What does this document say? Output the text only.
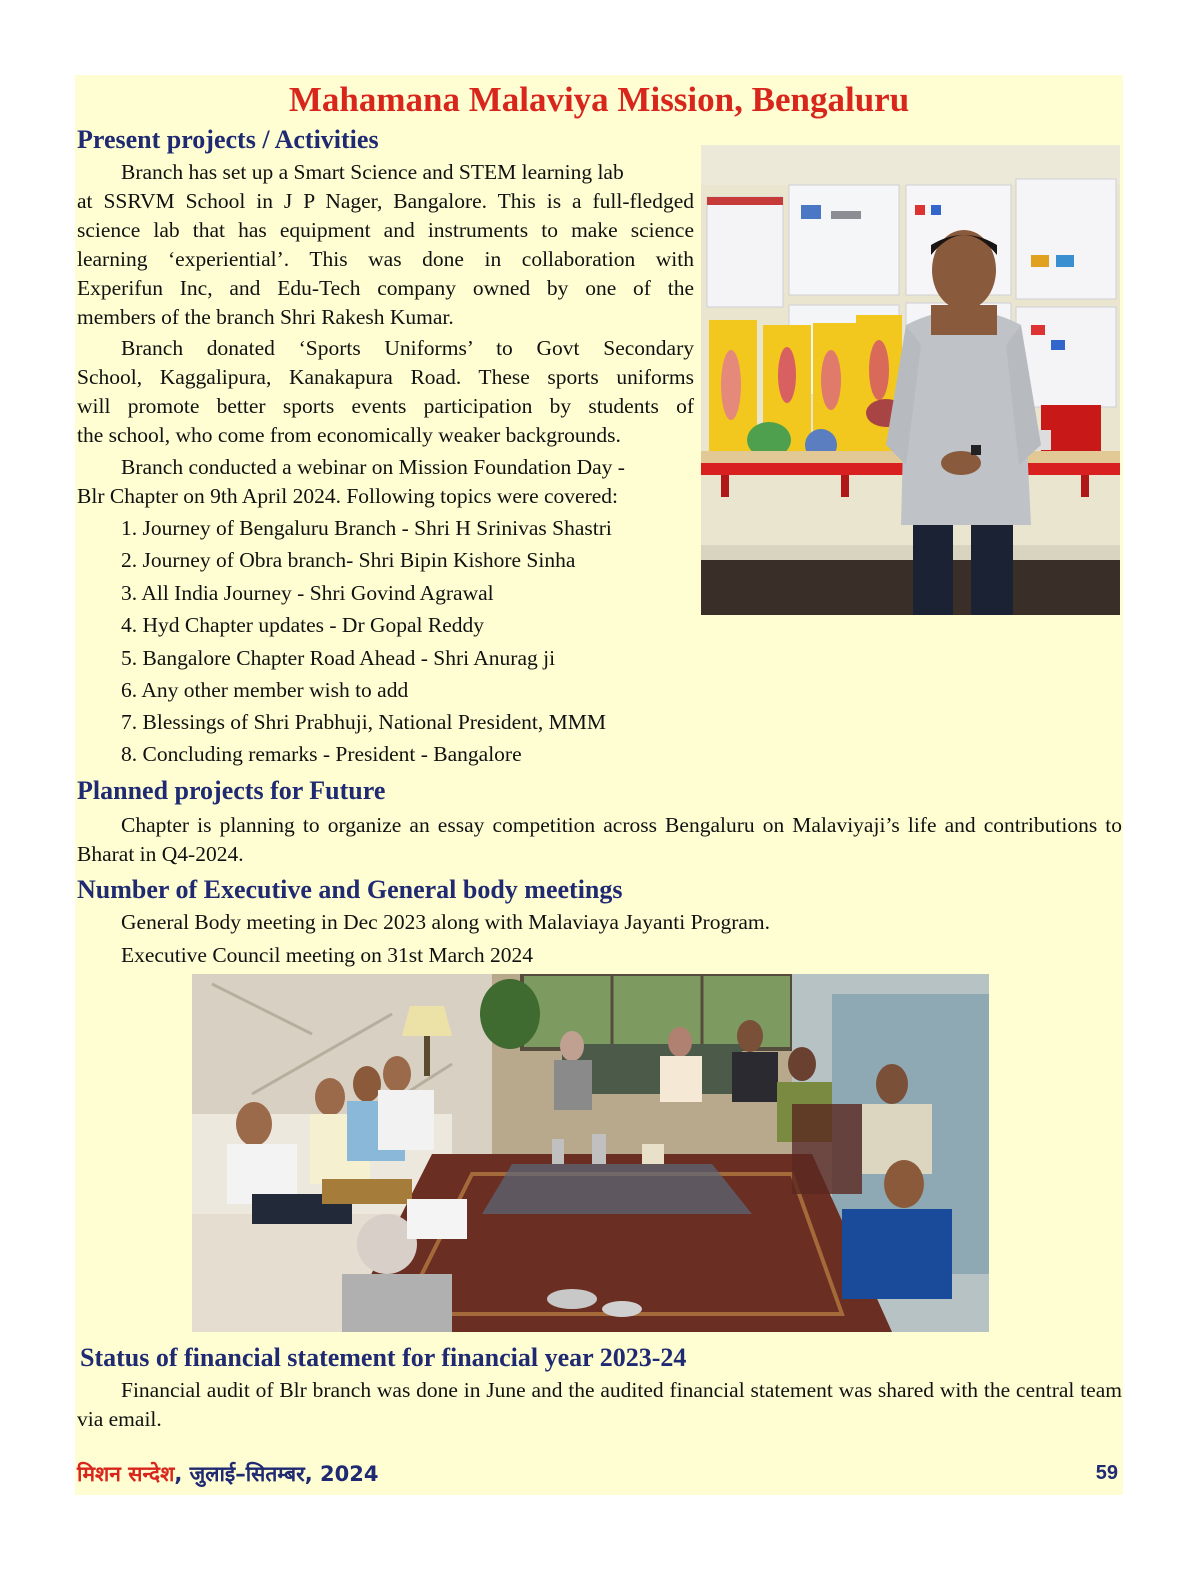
Mahamana Malaviya Mission, Bengaluru
Present projects / Activities
Branch has set up a Smart Science and STEM learning lab
at SSRVM School in J P Nager, Bangalore. This is a full-fledged
science lab that has equipment and instruments to make science
learning ‘experiential’. This was done in collaboration with
Experifun Inc, and Edu-Tech company owned by one of the
members of the branch Shri Rakesh Kumar.
Branch donated ‘Sports Uniforms’ to Govt Secondary
School, Kaggalipura, Kanakapura Road. These sports uniforms
will promote better sports events participation by students of
the school, who come from economically weaker backgrounds.
Branch conducted a webinar on Mission Foundation Day -
Blr Chapter on 9th April 2024. Following topics were covered:
1. Journey of Bengaluru Branch - Shri H Srinivas Shastri
2. Journey of Obra branch- Shri Bipin Kishore Sinha
3. All India Journey - Shri Govind Agrawal
4. Hyd Chapter updates - Dr Gopal Reddy
5. Bangalore Chapter Road Ahead - Shri Anurag ji
6. Any other member wish to add
7. Blessings of Shri Prabhuji, National President, MMM
8. Concluding remarks - President - Bangalore
Planned projects for Future

Chapter is planning to organize an essay competition across Bengaluru on Malaviyaji’s life and contributions to Bharat in Q4-2024.

Number of Executive and General body meetings
General Body meeting in Dec 2023 along with Malaviaya Jayanti Program.
Executive Council meeting on 31st March 2024
Status of financial statement for financial year 2023-24

Financial audit of Blr branch was done in June and the audited financial statement was shared with the central team via email.

मिशन सन्देश, जुलाई–सितम्बर, 2024	59
